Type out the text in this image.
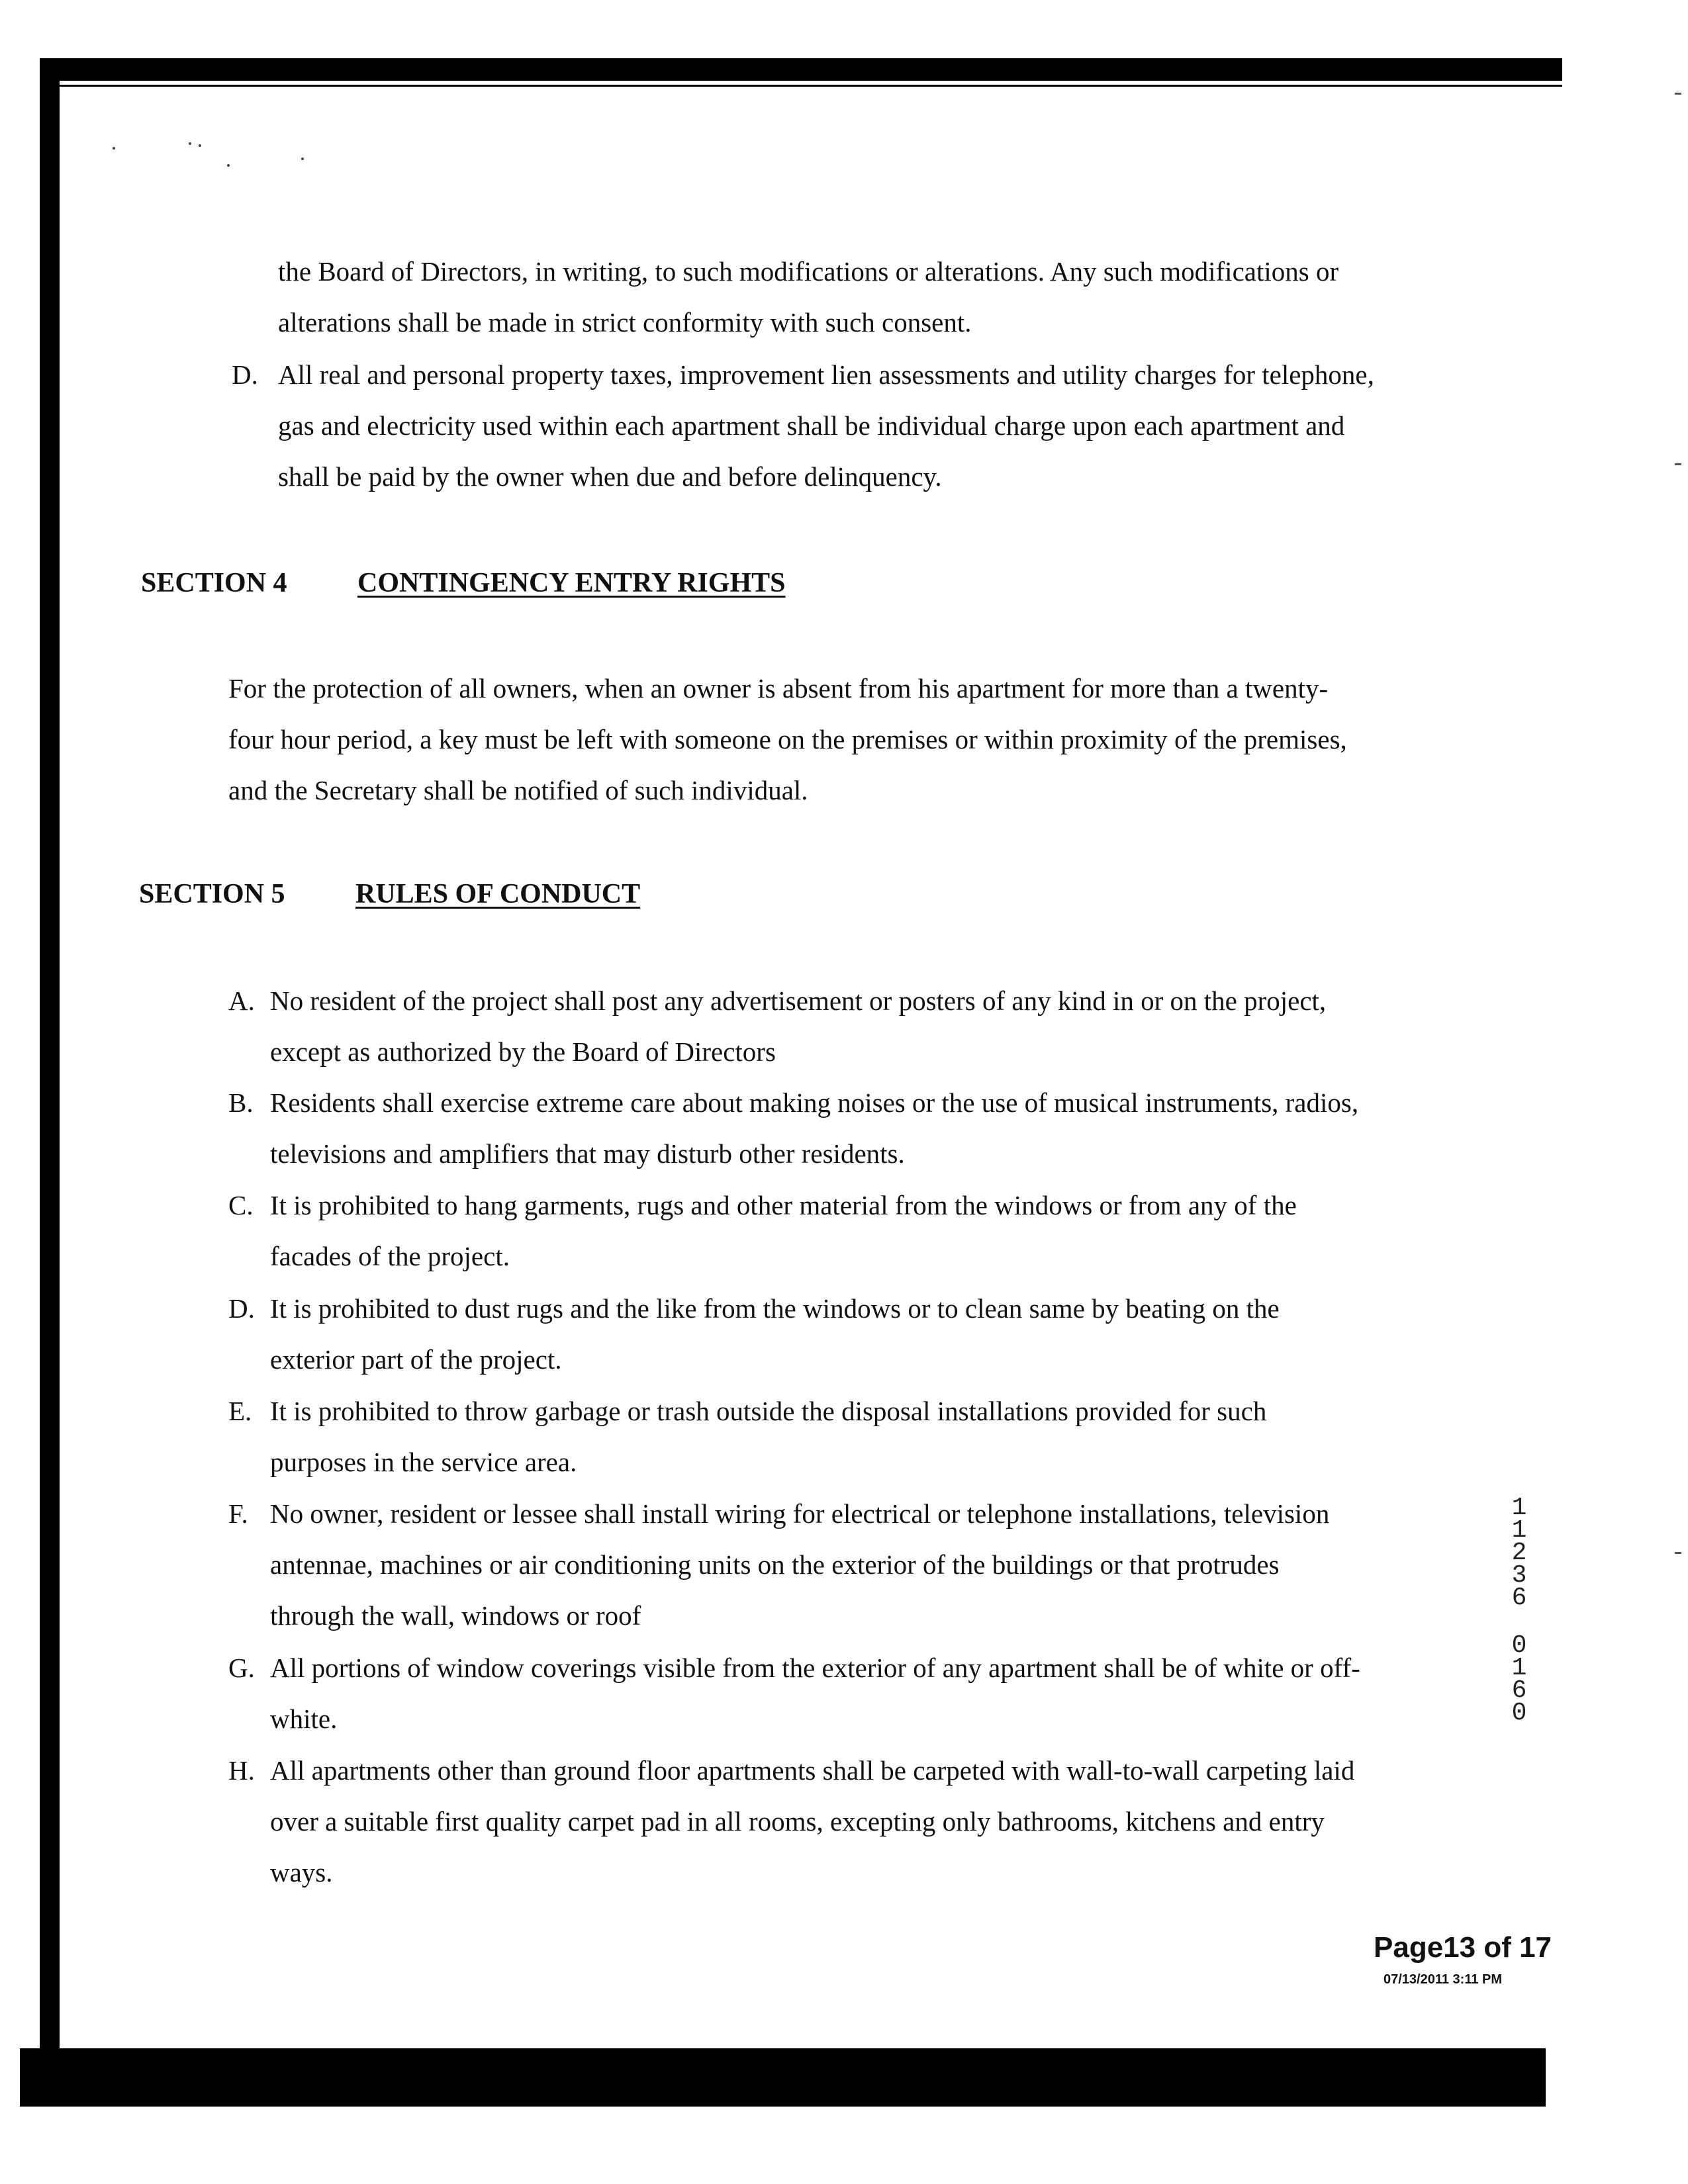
the Board of Directors, in writing, to such modifications or alterations. Any such modifications or
alterations shall be made in strict conformity with such consent.
D. All real and personal property taxes, improvement lien assessments and utility charges for telephone,
gas and electricity used within each apartment shall be individual charge upon each apartment and
shall be paid by the owner when due and before delinquency.
SECTION 4	CONTINGENCY ENTRY RIGHTS
For the protection of all owners, when an owner is absent from his apartment for more than a twenty-
four hour period, a key must be left with someone on the premises or within proximity of the premises,
and the Secretary shall be notified of such individual.
SECTION 5	RULES OF CONDUCT
A. No resident of the project shall post any advertisement or posters of any kind in or on the project,
except as authorized by the Board of Directors
B. Residents shall exercise extreme care about making noises or the use of musical instruments, radios,
televisions and amplifiers that may disturb other residents.
C. It is prohibited to hang garments, rugs and other material from the windows or from any of the
facades of the project.
D. It is prohibited to dust rugs and the like from the windows or to clean same by beating on the
exterior part of the project.
E. It is prohibited to throw garbage or trash outside the disposal installations provided for such
purposes in the service area.
F. No owner, resident or lessee shall install wiring for electrical or telephone installations, television
antennae, machines or air conditioning units on the exterior of the buildings or that protrudes
through the wall, windows or roof
G. All portions of window coverings visible from the exterior of any apartment shall be of white or off-
white.
H. All apartments other than ground floor apartments shall be carpeted with wall-to-wall carpeting laid
over a suitable first quality carpet pad in all rooms, excepting only bathrooms, kitchens and entry
ways.
1
1
2
3
6
0
1
6
0
Page13 of 17
07/13/2011 3:11 PM
